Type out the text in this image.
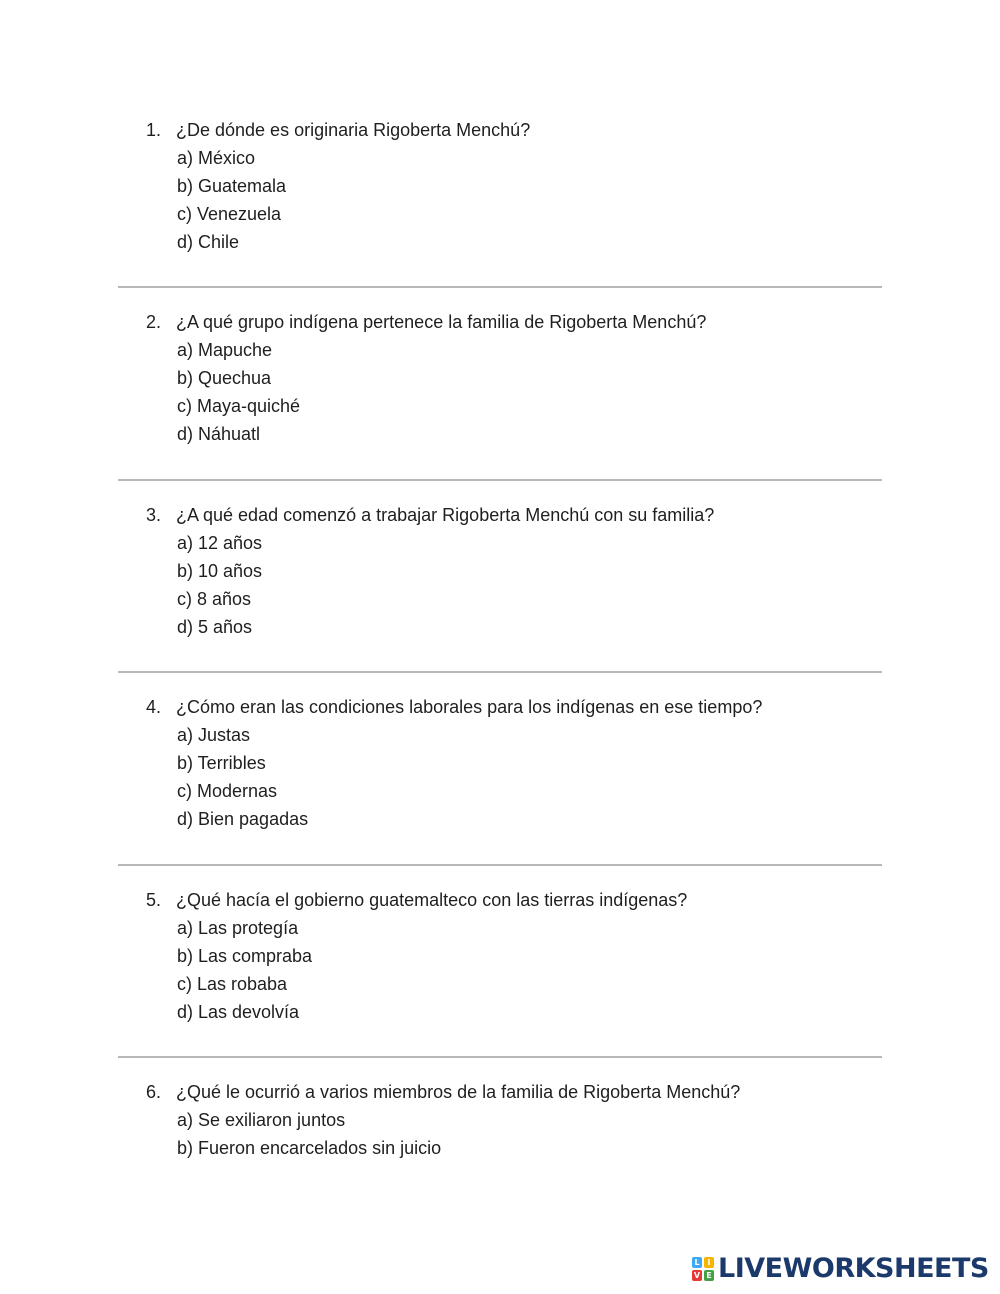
1. ¿De dónde es originaria Rigoberta Menchú?
a) México
b) Guatemala
c) Venezuela
d) Chile
2. ¿A qué grupo indígena pertenece la familia de Rigoberta Menchú?
a) Mapuche
b) Quechua
c) Maya-quiché
d) Náhuatl
3. ¿A qué edad comenzó a trabajar Rigoberta Menchú con su familia?
a) 12 años
b) 10 años
c) 8 años
d) 5 años
4. ¿Cómo eran las condiciones laborales para los indígenas en ese tiempo?
a) Justas
b) Terribles
c) Modernas
d) Bien pagadas
5. ¿Qué hacía el gobierno guatemalteco con las tierras indígenas?
a) Las protegía
b) Las compraba
c) Las robaba
d) Las devolvía
6. ¿Qué le ocurrió a varios miembros de la familia de Rigoberta Menchú?
a) Se exiliaron juntos
b) Fueron encarcelados sin juicio
L I
V E LIVEWORKSHEETS
